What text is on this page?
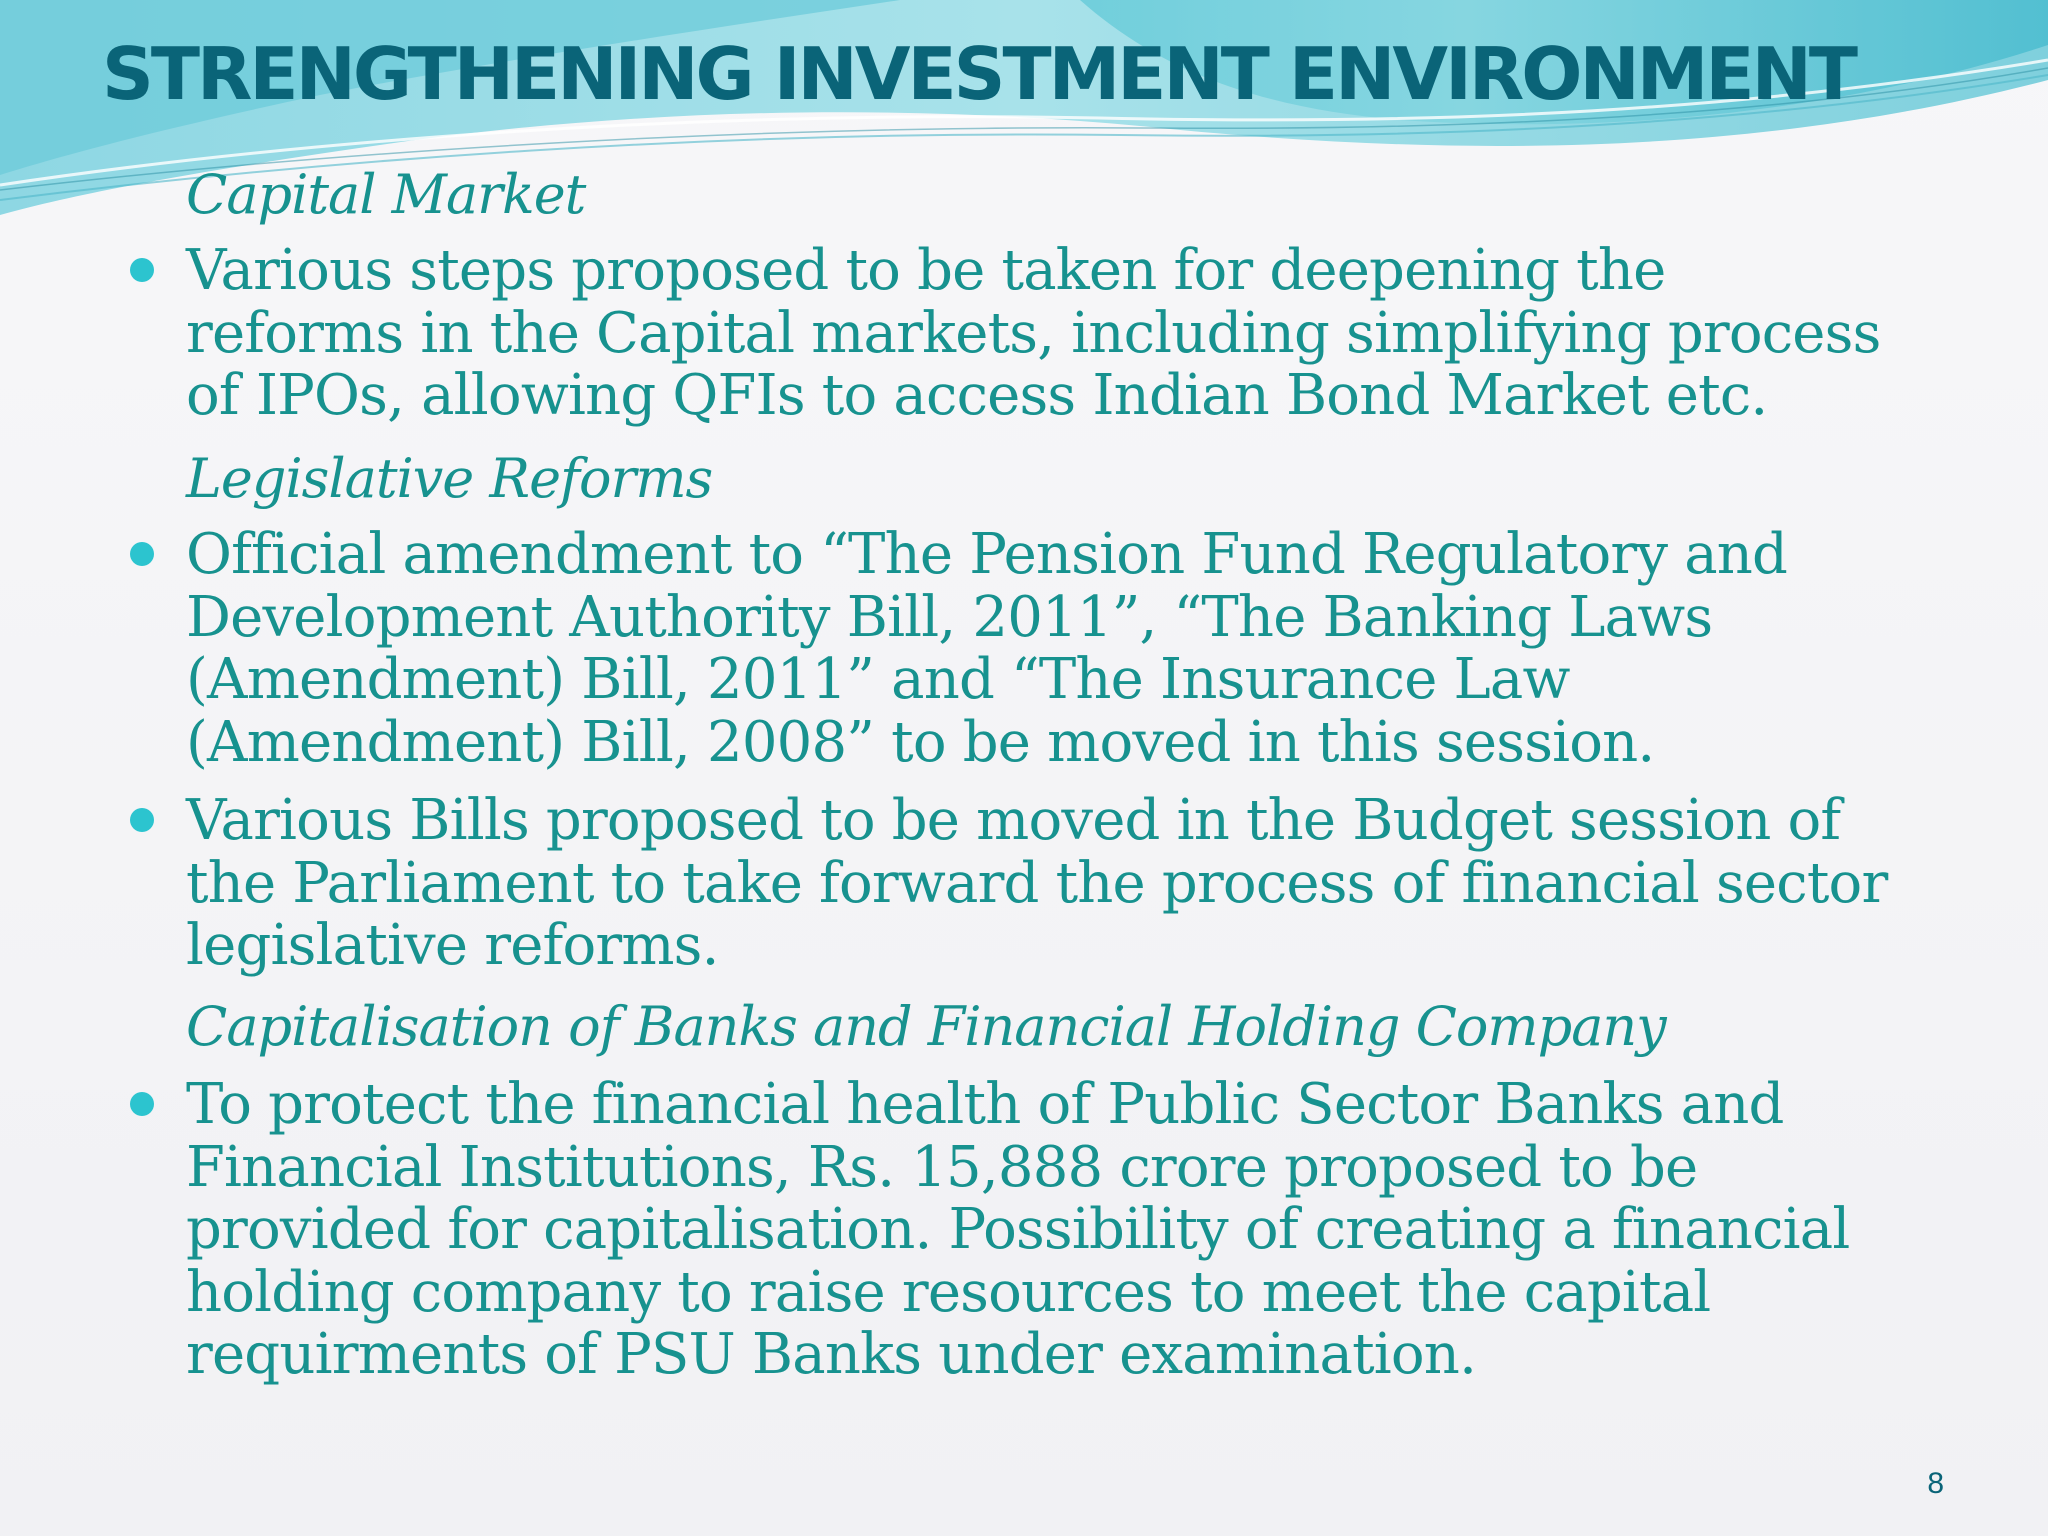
STRENGTHENING INVESTMENT ENVIRONMENT

Capital Market

Various steps proposed to be taken for deepening the
reforms in the Capital markets, including simplifying process
of IPOs, allowing QFIs to access Indian Bond Market etc.

Legislative Reforms

Official amendment to “The Pension Fund Regulatory and
Development Authority Bill, 2011”, “The Banking Laws
(Amendment) Bill, 2011” and “The Insurance Law
(Amendment) Bill, 2008” to be moved in this session.
Various Bills proposed to be moved in the Budget session of
the Parliament to take forward the process of financial sector
legislative reforms.

Capitalisation of Banks and Financial Holding Company

To protect the financial health of Public Sector Banks and
Financial Institutions, Rs. 15,888 crore proposed to be
provided for capitalisation. Possibility of creating a financial
holding company to raise resources to meet the capital
requirments of PSU Banks under examination.
8
